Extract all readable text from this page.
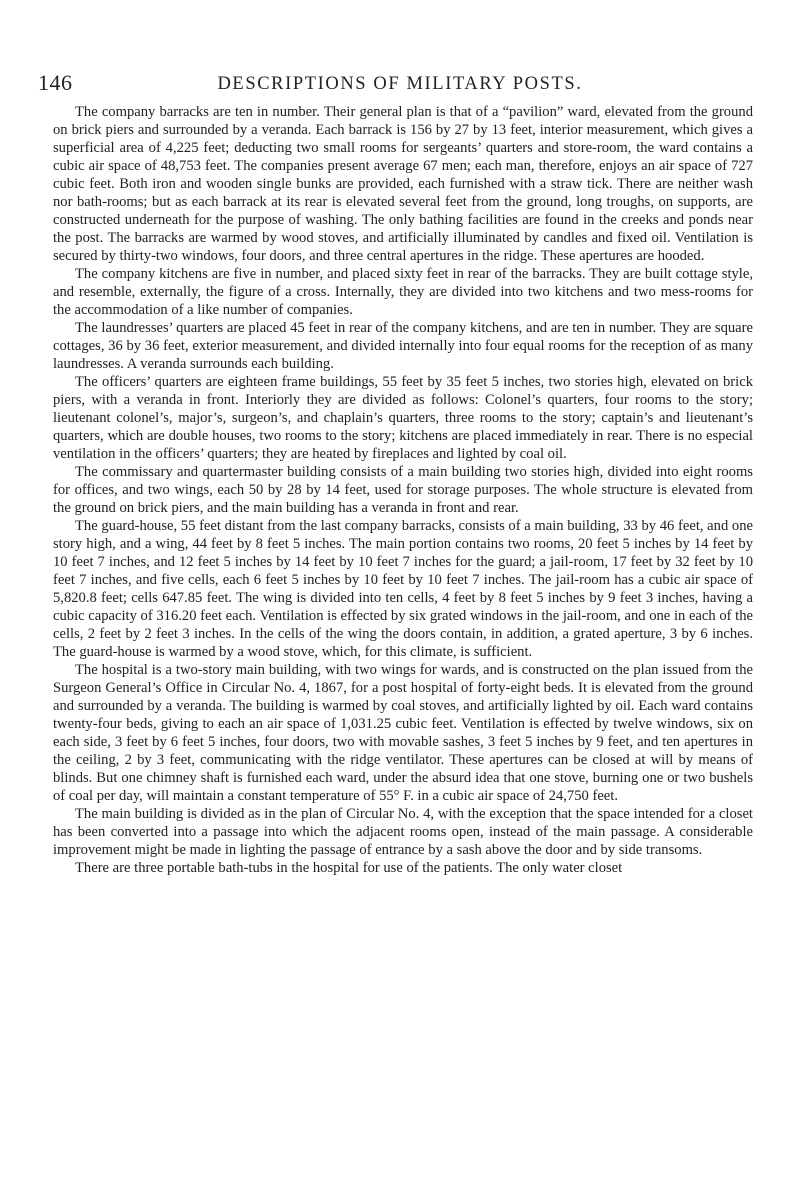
146	DESCRIPTIONS OF MILITARY POSTS.

The company barracks are ten in number. Their general plan is that of a “pavilion” ward, elevated from the ground on brick piers and surrounded by a veranda. Each barrack is 156 by 27 by 13 feet, interior measurement, which gives a superficial area of 4,225 feet; deducting two small rooms for sergeants’ quarters and store-room, the ward contains a cubic air space of 48,753 feet. The companies present average 67 men; each man, therefore, enjoys an air space of 727 cubic feet. Both iron and wooden single bunks are provided, each furnished with a straw tick. There are neither wash nor bath-rooms; but as each barrack at its rear is elevated several feet from the ground, long troughs, on supports, are constructed underneath for the purpose of washing. The only bathing facilities are found in the creeks and ponds near the post. The barracks are warmed by wood stoves, and artificially illuminated by candles and fixed oil. Ventilation is secured by thirty-two windows, four doors, and three central apertures in the ridge. These apertures are hooded.

The company kitchens are five in number, and placed sixty feet in rear of the barracks. They are built cottage style, and resemble, externally, the figure of a cross. Internally, they are divided into two kitchens and two mess-rooms for the accommodation of a like number of companies.

The laundresses’ quarters are placed 45 feet in rear of the company kitchens, and are ten in number. They are square cottages, 36 by 36 feet, exterior measurement, and divided internally into four equal rooms for the reception of as many laundresses. A veranda surrounds each building.

The officers’ quarters are eighteen frame buildings, 55 feet by 35 feet 5 inches, two stories high, elevated on brick piers, with a veranda in front. Interiorly they are divided as follows: Colonel’s quarters, four rooms to the story; lieutenant colonel’s, major’s, surgeon’s, and chaplain’s quarters, three rooms to the story; captain’s and lieutenant’s quarters, which are double houses, two rooms to the story; kitchens are placed immediately in rear. There is no especial ventilation in the officers’ quarters; they are heated by fireplaces and lighted by coal oil.

The commissary and quartermaster building consists of a main building two stories high, divided into eight rooms for offices, and two wings, each 50 by 28 by 14 feet, used for storage purposes. The whole structure is elevated from the ground on brick piers, and the main building has a veranda in front and rear.

The guard-house, 55 feet distant from the last company barracks, consists of a main building, 33 by 46 feet, and one story high, and a wing, 44 feet by 8 feet 5 inches. The main portion contains two rooms, 20 feet 5 inches by 14 feet by 10 feet 7 inches, and 12 feet 5 inches by 14 feet by 10 feet 7 inches for the guard; a jail-room, 17 feet by 32 feet by 10 feet 7 inches, and five cells, each 6 feet 5 inches by 10 feet by 10 feet 7 inches. The jail-room has a cubic air space of 5,820.8 feet; cells 647.85 feet. The wing is divided into ten cells, 4 feet by 8 feet 5 inches by 9 feet 3 inches, having a cubic capacity of 316.20 feet each. Ventilation is effected by six grated windows in the jail-room, and one in each of the cells, 2 feet by 2 feet 3 inches. In the cells of the wing the doors contain, in addition, a grated aperture, 3 by 6 inches. The guard-house is warmed by a wood stove, which, for this climate, is sufficient.

The hospital is a two-story main building, with two wings for wards, and is constructed on the plan issued from the Surgeon General’s Office in Circular No. 4, 1867, for a post hospital of forty-eight beds. It is elevated from the ground and surrounded by a veranda. The building is warmed by coal stoves, and artificially lighted by oil. Each ward contains twenty-four beds, giving to each an air space of 1,031.25 cubic feet. Ventilation is effected by twelve windows, six on each side, 3 feet by 6 feet 5 inches, four doors, two with movable sashes, 3 feet 5 inches by 9 feet, and ten apertures in the ceiling, 2 by 3 feet, communicating with the ridge ventilator. These apertures can be closed at will by means of blinds. But one chimney shaft is furnished each ward, under the absurd idea that one stove, burning one or two bushels of coal per day, will maintain a constant temperature of 55° F. in a cubic air space of 24,750 feet.

The main building is divided as in the plan of Circular No. 4, with the exception that the space intended for a closet has been converted into a passage into which the adjacent rooms open, instead of the main passage. A considerable improvement might be made in lighting the passage of entrance by a sash above the door and by side transoms.

There are three portable bath-tubs in the hospital for use of the patients. The only water closet
